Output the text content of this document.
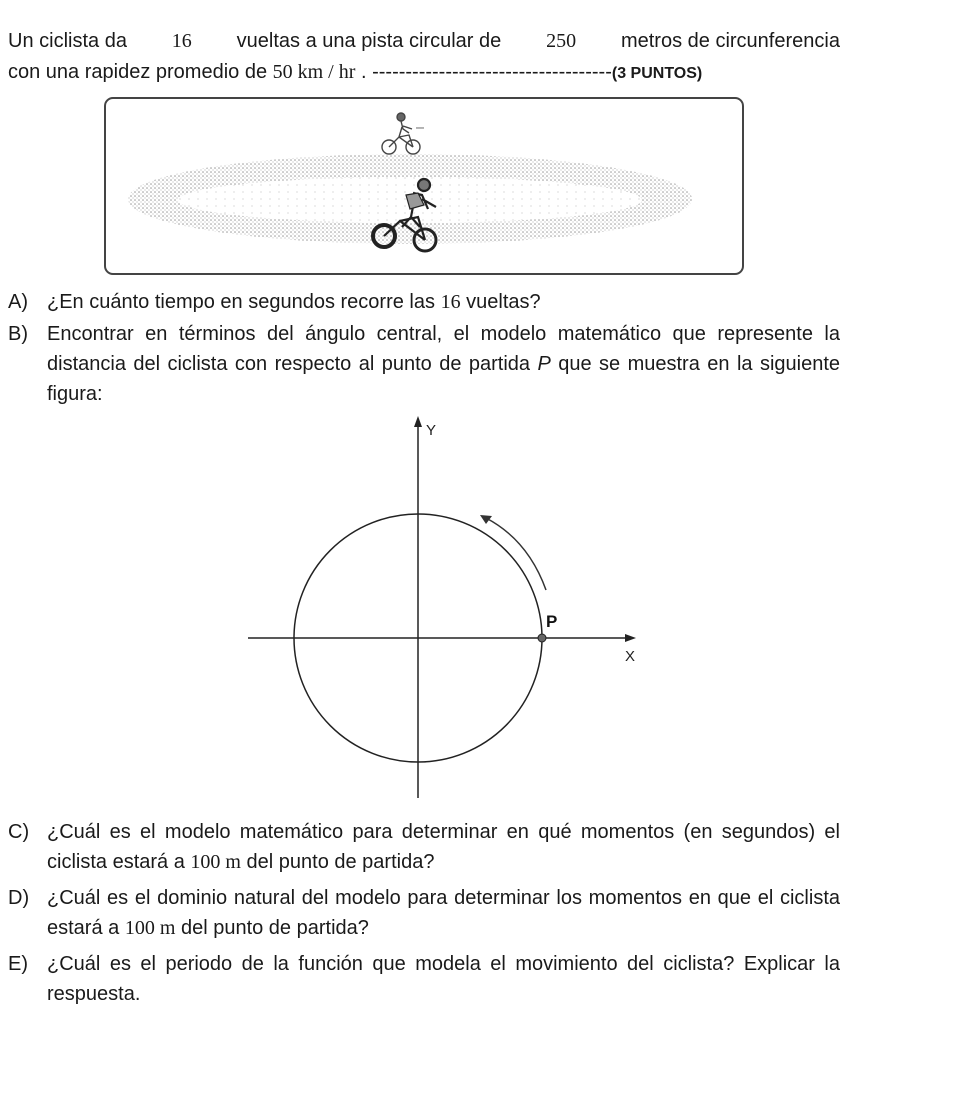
Un ciclista da 16 vueltas a una pista circular de 250 metros de circunferencia
con una rapidez promedio de 50 km / hr . ------------------------------------(3 PUNTOS)
A) ¿En cuánto tiempo en segundos recorre las 16 vueltas?
B) Encontrar en términos del ángulo central, el modelo matemático que represente la distancia del ciclista con respecto al punto de partida P que se muestra en la siguiente figura:
Y
X
P
C) ¿Cuál es el modelo matemático para determinar en qué momentos (en segundos) el ciclista estará a 100 m del punto de partida?
D) ¿Cuál es el dominio natural del modelo para determinar los momentos en que el ciclista estará a 100 m del punto de partida?
E) ¿Cuál es el periodo de la función que modela el movimiento del ciclista? Explicar la respuesta.
